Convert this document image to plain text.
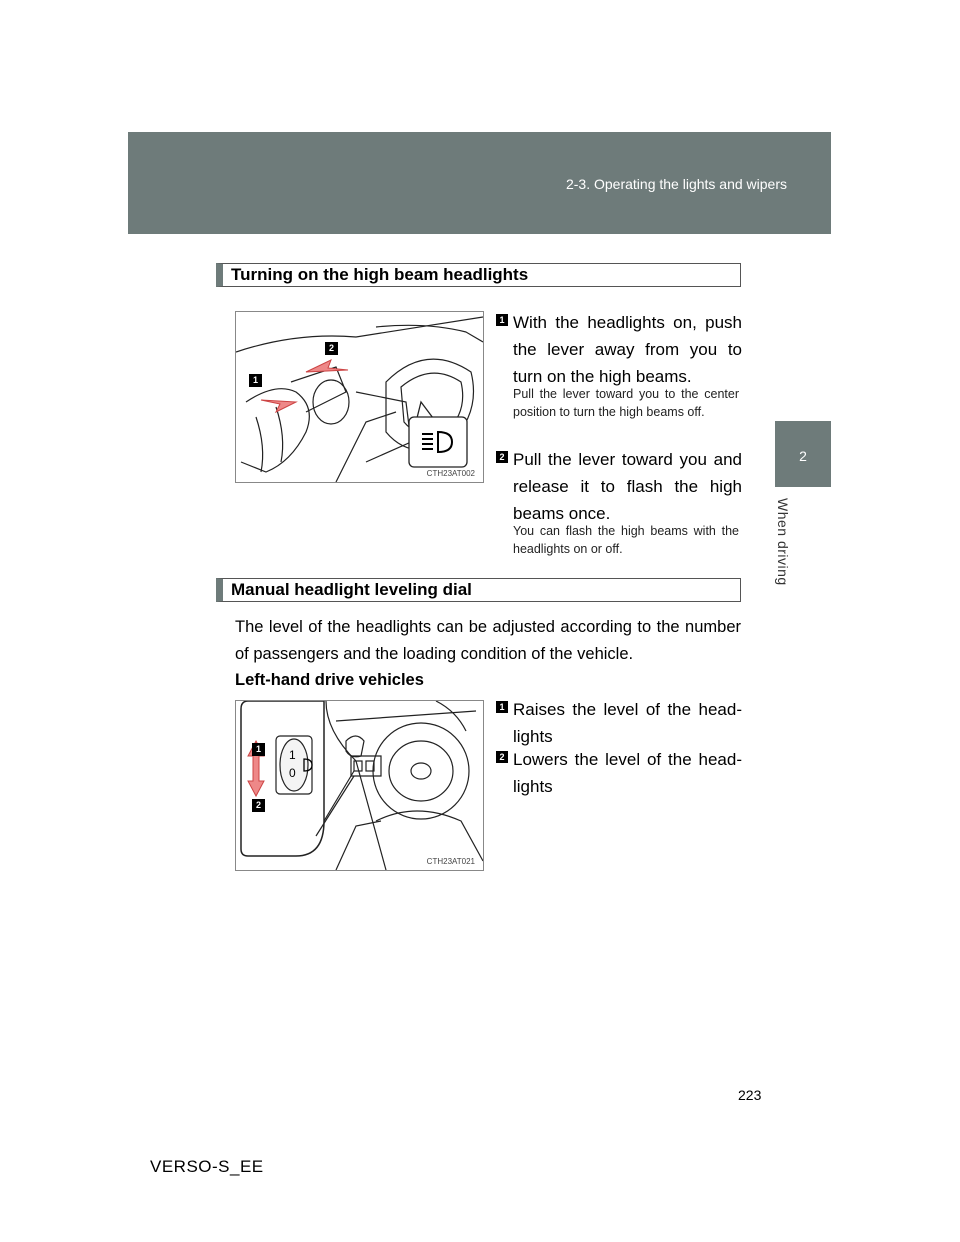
2-3. Operating the lights and wipers
2
When driving
Turning on the high beam headlights
2
1
CTH23AT002
1 With the headlights on, push the lever away from you to turn on the high beams.
Pull the lever toward you to the center position to turn the high beams off.
2 Pull the lever toward you and release it to flash the high beams once.
You can flash the high beams with the headlights on or off.
Manual headlight leveling dial
The level of the headlights can be adjusted according to the number of passengers and the loading condition of the vehicle.
Left-hand drive vehicles
1
0
1
2
CTH23AT021
1 Raises the level of the head-lights
2 Lowers the level of the head-lights
223
VERSO-S_EE
